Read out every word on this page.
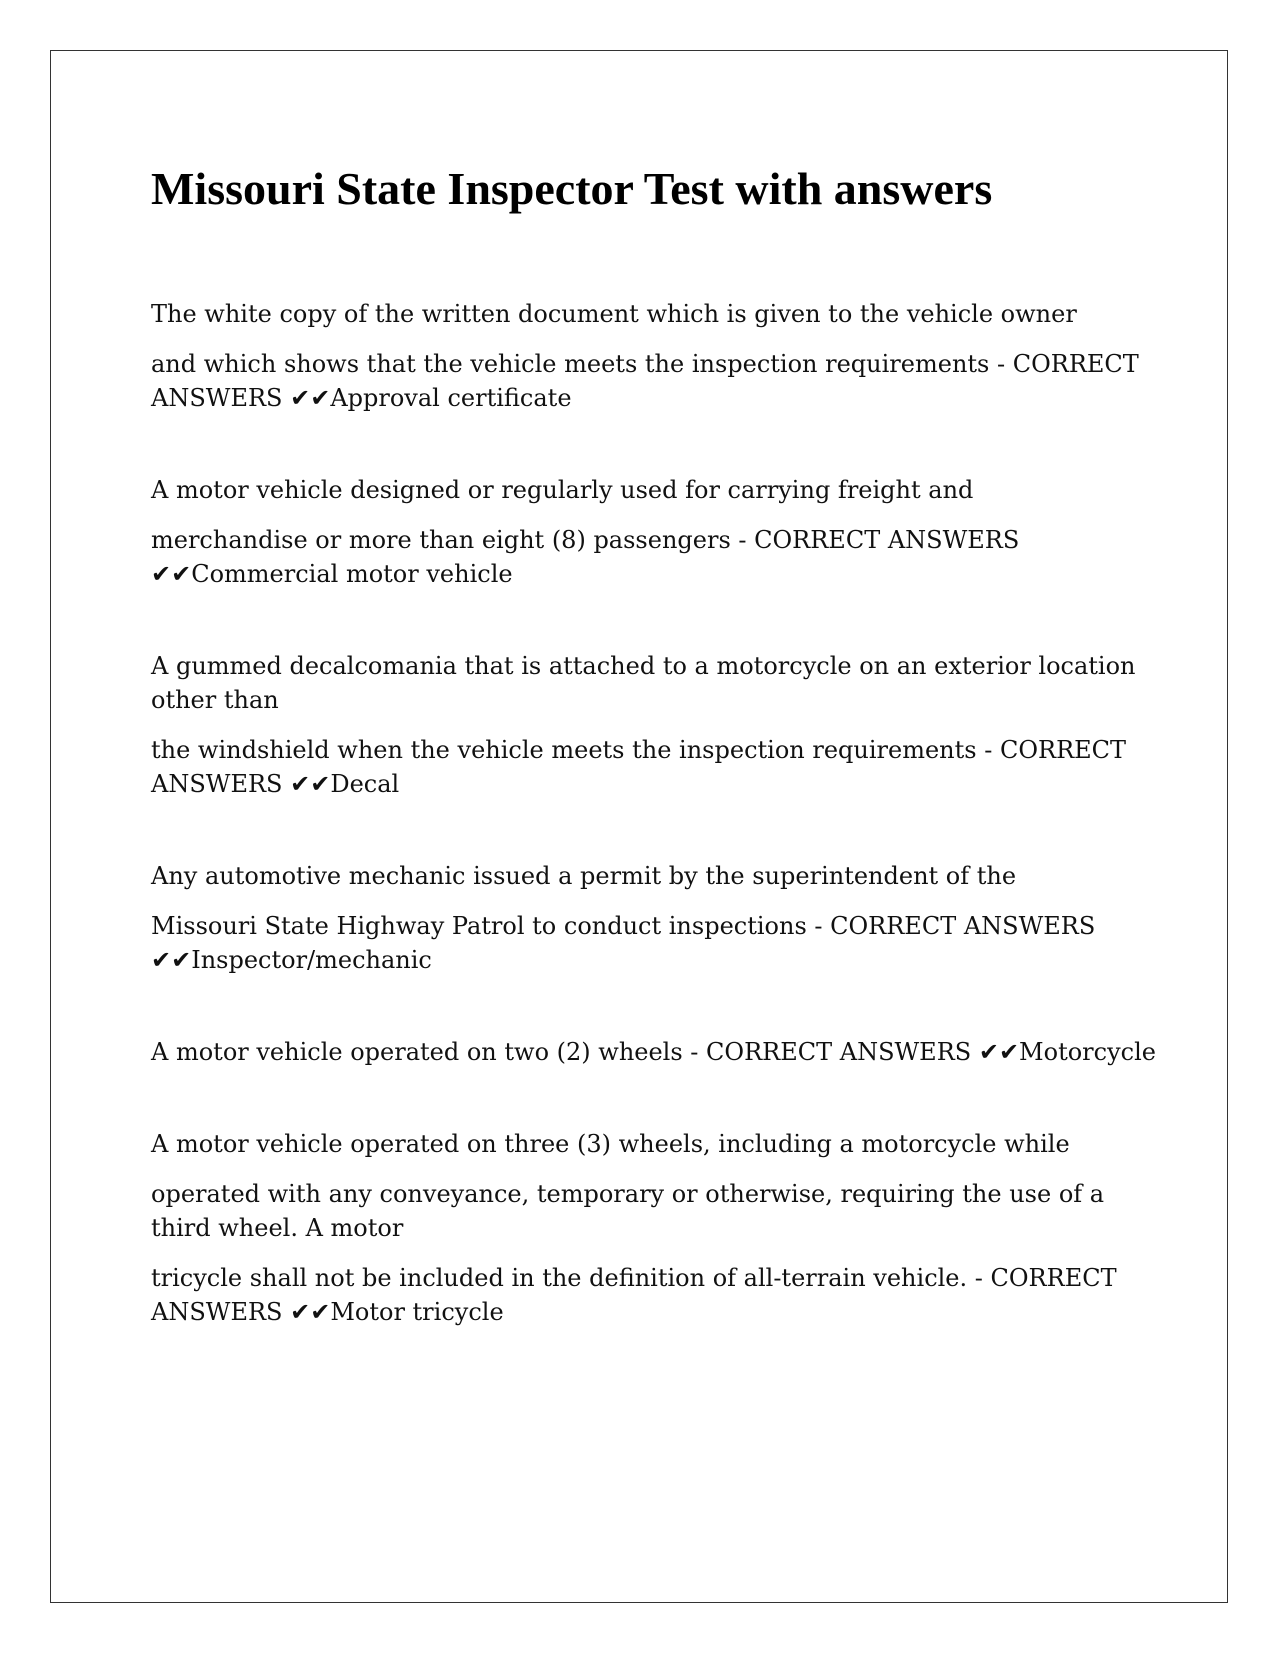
Missouri State Inspector Test with answers

The white copy of the written document which is given to the vehicle owner

and which shows that the vehicle meets the inspection requirements - CORRECT ANSWERS ✔✔Approval certificate

A motor vehicle designed or regularly used for carrying freight and

merchandise or more than eight (8) passengers - CORRECT ANSWERS ✔✔Commercial motor vehicle

A gummed decalcomania that is attached to a motorcycle on an exterior location other than

the windshield when the vehicle meets the inspection requirements - CORRECT ANSWERS ✔✔Decal

Any automotive mechanic issued a permit by the superintendent of the

Missouri State Highway Patrol to conduct inspections - CORRECT ANSWERS ✔✔Inspector/mechanic

A motor vehicle operated on two (2) wheels - CORRECT ANSWERS ✔✔Motorcycle

A motor vehicle operated on three (3) wheels, including a motorcycle while

operated with any conveyance, temporary or otherwise, requiring the use of a third wheel. A motor

tricycle shall not be included in the definition of all-terrain vehicle. - CORRECT ANSWERS ✔✔Motor tricycle
